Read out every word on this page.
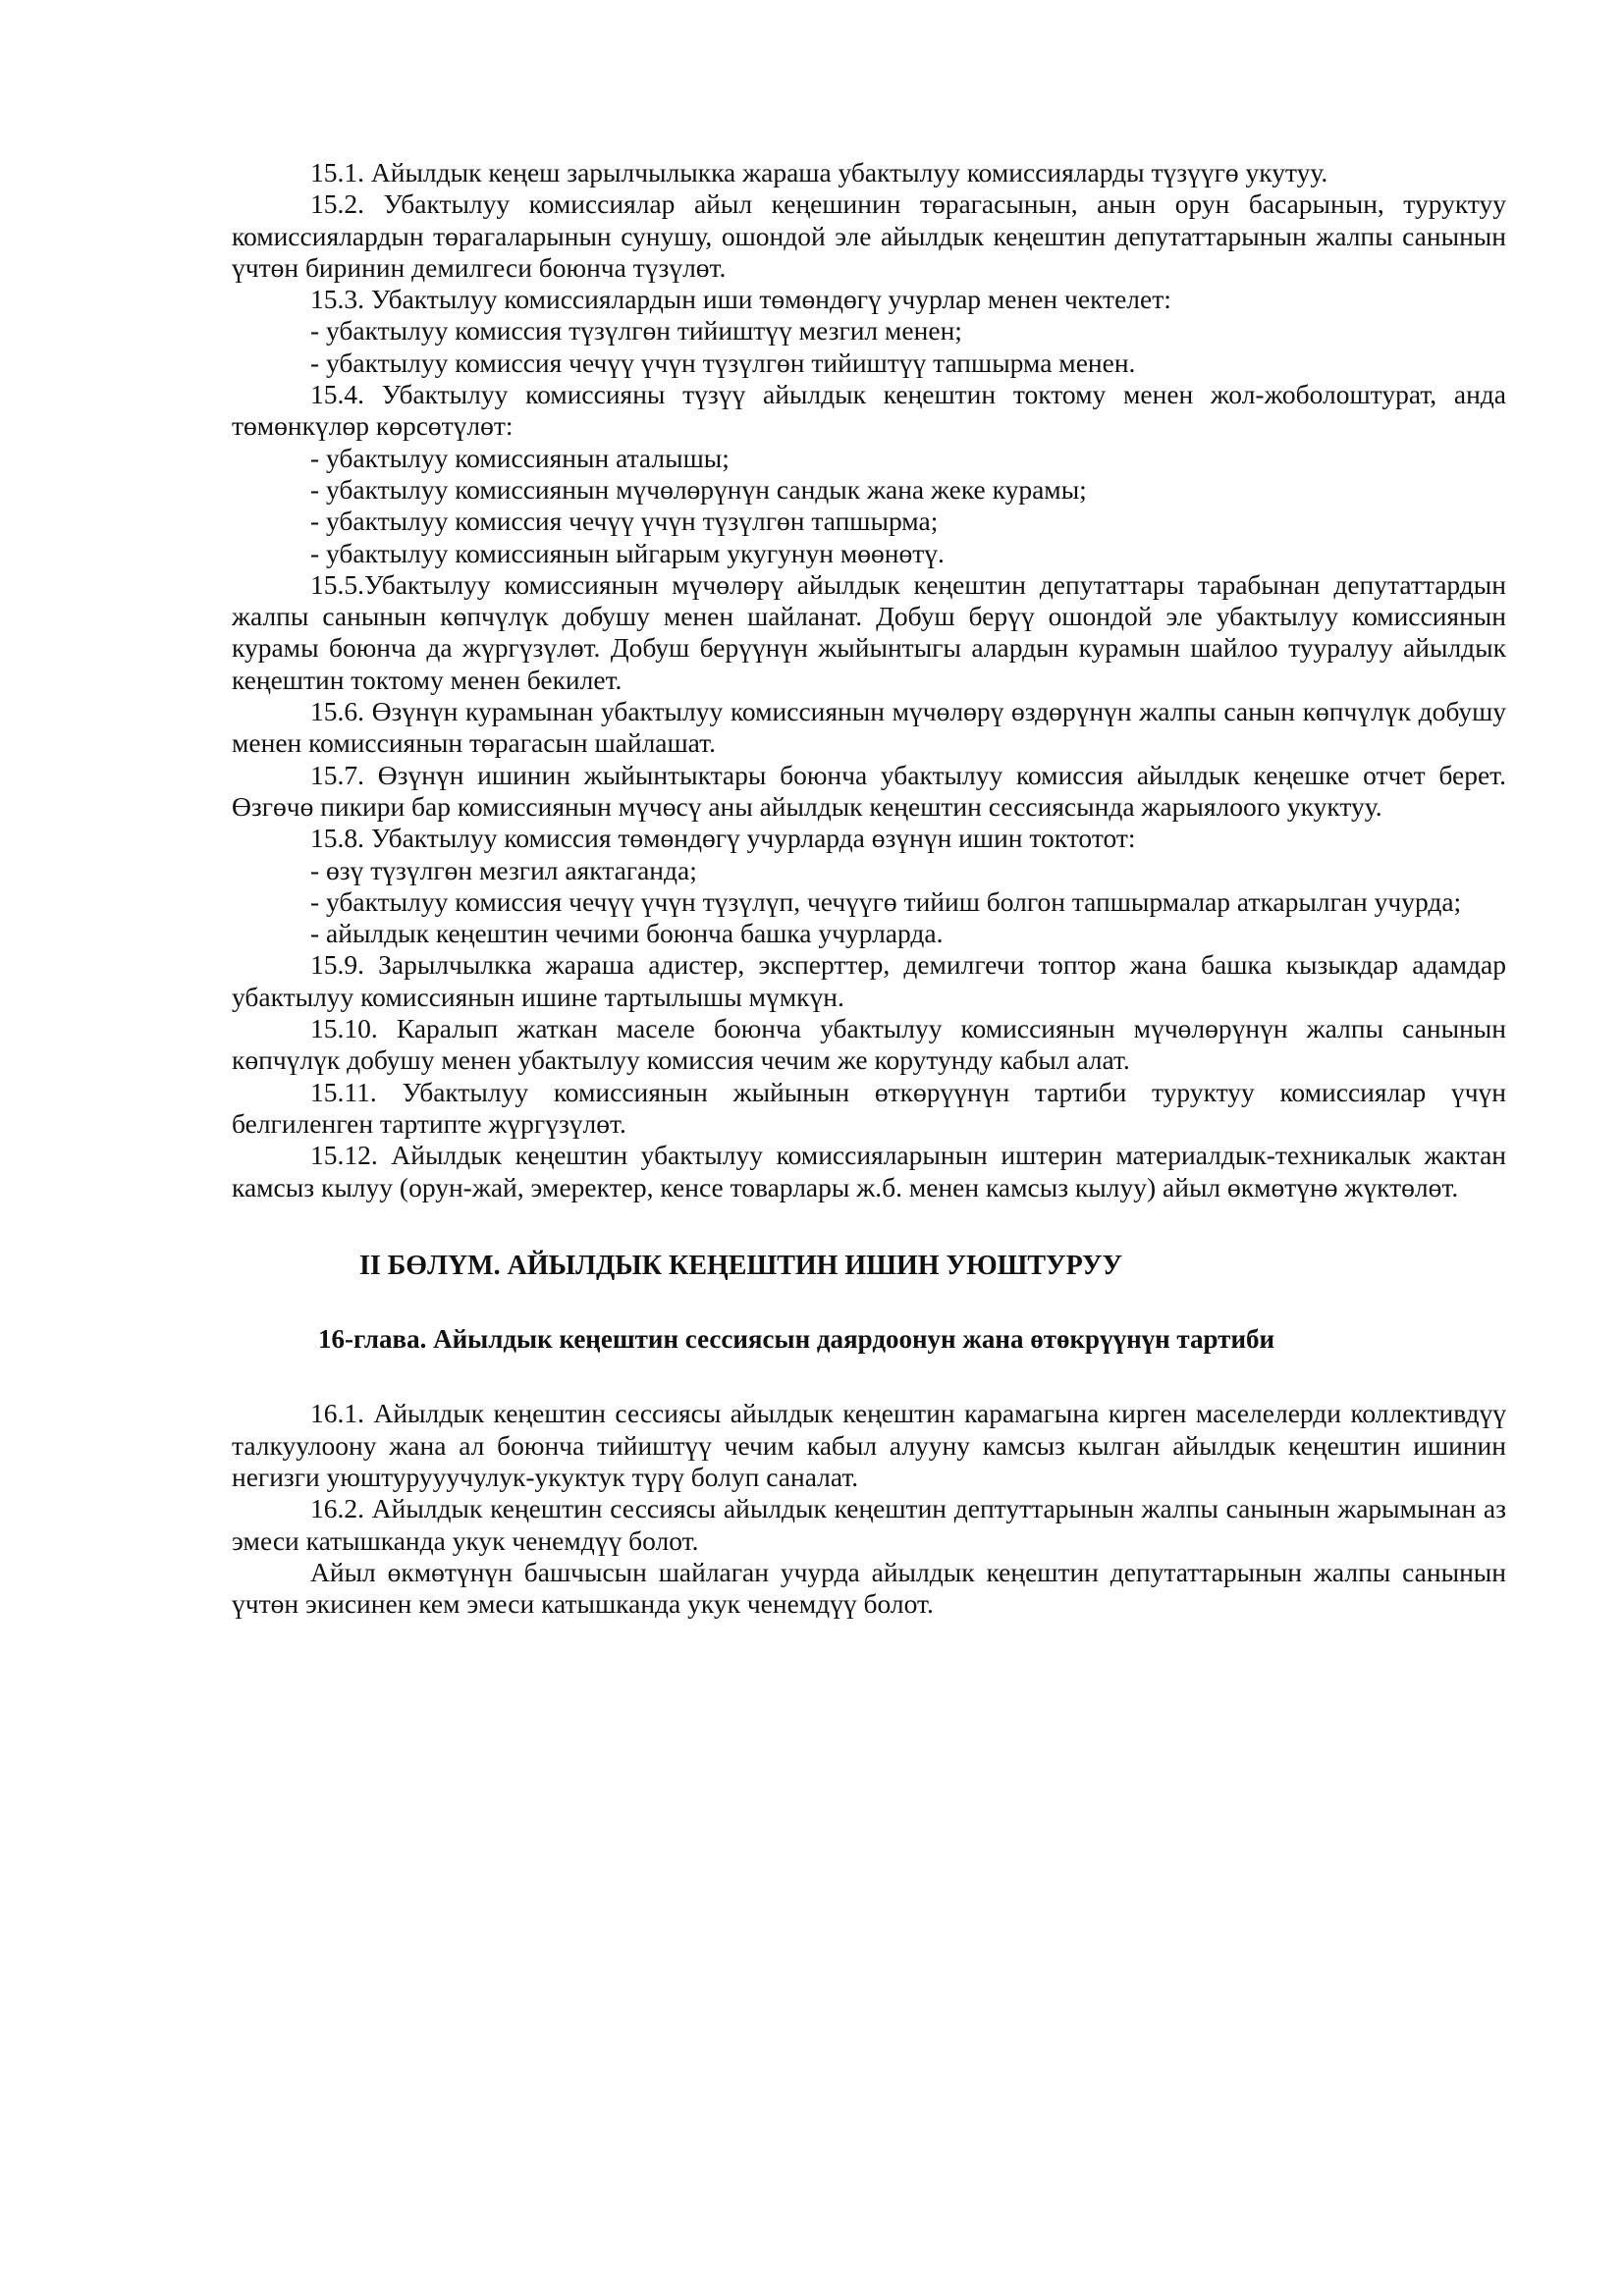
15.1. Айылдык кеңеш зарылчылыкка жараша убактылуу комиссияларды түзүүгө укутуу.

15.2. Убактылуу комиссиялар айыл кеңешинин төрагасынын, анын орун басарынын, туруктуу комиссиялардын төрагаларынын сунушу, ошондой эле айылдык кеңештин депутаттарынын жалпы санынын үчтөн биринин демилгеси боюнча түзүлөт.

15.3. Убактылуу комиссиялардын иши төмөндөгү учурлар менен чектелет:

- убактылуу комиссия түзүлгөн тийиштүү мезгил менен;

- убактылуу комиссия чечүү үчүн түзүлгөн тийиштүү тапшырма менен.

15.4. Убактылуу комиссияны түзүү айылдык кеңештин токтому менен жол-жоболоштурат, анда төмөнкүлөр көрсөтүлөт:

- убактылуу комиссиянын аталышы;

- убактылуу комиссиянын мүчөлөрүнүн сандык жана жеке курамы;

- убактылуу комиссия чечүү үчүн түзүлгөн тапшырма;

- убактылуу комиссиянын ыйгарым укугунун мөөнөтү.

15.5.Убактылуу комиссиянын мүчөлөрү айылдык кеңештин депутаттары тарабынан депутаттардын жалпы санынын көпчүлүк добушу менен шайланат. Добуш берүү ошондой эле убактылуу комиссиянын курамы боюнча да жүргүзүлөт. Добуш берүүнүн жыйынтыгы алардын курамын шайлоо тууралуу айылдык кеңештин токтому менен бекилет.

15.6. Өзүнүн курамынан убактылуу комиссиянын мүчөлөрү өздөрүнүн жалпы санын көпчүлүк добушу менен комиссиянын төрагасын шайлашат.

15.7. Өзүнүн ишинин жыйынтыктары боюнча убактылуу комиссия айылдык кеңешке отчет берет. Өзгөчө пикири бар комиссиянын мүчөсү аны айылдык кеңештин сессиясында жарыялоого укуктуу.

15.8. Убактылуу комиссия төмөндөгү учурларда өзүнүн ишин токтотот:

- өзү түзүлгөн мезгил аяктаганда;

- убактылуу комиссия чечүү үчүн түзүлүп, чечүүгө тийиш болгон тапшырмалар аткарылган учурда;

- айылдык кеңештин чечими боюнча башка учурларда.

15.9. Зарылчылкка жараша адистер, эксперттер, демилгечи топтор жана башка кызыкдар адамдар убактылуу комиссиянын ишине тартылышы мүмкүн.

15.10. Каралып жаткан маселе боюнча убактылуу комиссиянын мүчөлөрүнүн жалпы санынын көпчүлүк добушу менен убактылуу комиссия чечим же корутунду кабыл алат.

15.11. Убактылуу комиссиянын жыйынын өткөрүүнүн тартиби туруктуу комиссиялар үчүн белгиленген тартипте жүргүзүлөт.

15.12. Айылдык кеңештин убактылуу комиссияларынын иштерин материалдык-техникалык жактан камсыз кылуу (орун-жай, эмеректер, кенсе товарлары ж.б. менен камсыз кылуу) айыл өкмөтүнө жүктөлөт.

II БӨЛҮМ. АЙЫЛДЫК КЕҢЕШТИН ИШИН УЮШТУРУУ
16-глава. Айылдык кеңештин сессиясын даярдоонун жана өтөкрүүнүн тартиби

16.1. Айылдык кеңештин сессиясы айылдык кеңештин карамагына кирген маселелерди коллективдүү талкуулоону жана ал боюнча тийиштүү чечим кабыл алууну камсыз кылган айылдык кеңештин ишинин негизги уюштурууучулук-укуктук түрү болуп саналат.

16.2. Айылдык кеңештин сессиясы айылдык кеңештин дептуттарынын жалпы санынын жарымынан аз эмеси катышканда укук ченемдүү болот.

Айыл өкмөтүнүн башчысын шайлаган учурда айылдык кеңештин депутаттарынын жалпы санынын үчтөн экисинен кем эмеси катышканда укук ченемдүү болот.
